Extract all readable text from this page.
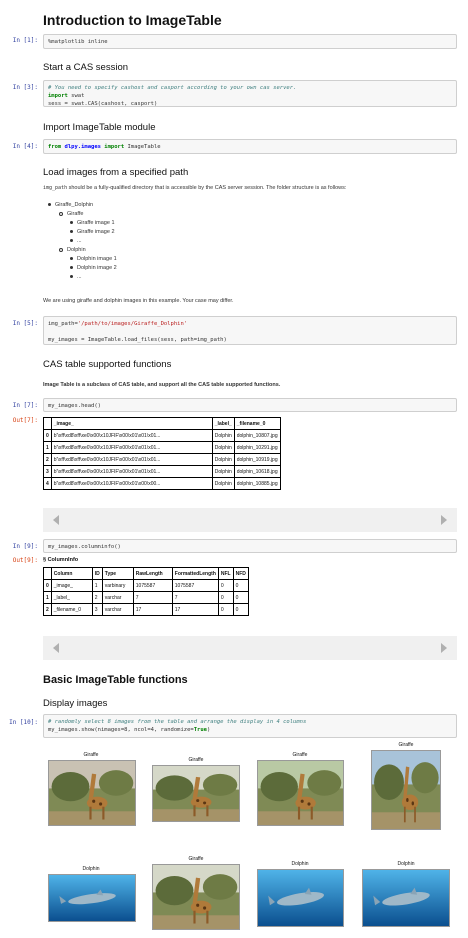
Introduction to ImageTable
In [1]:	%matplotlib inline
Start a CAS session
In [3]:	# You need to specify cashost and casport according to your own cas server.
import swat
sess = swat.CAS(cashost, casport)
Import ImageTable module
In [4]:	from dlpy.images import ImageTable
Load images from a specified path
img_path should be a fully-qualified directory that is accessible by the CAS server session. The folder structure is as follows:
Giraffe_Dolphin
Giraffe
Giraffe image 1
Giraffe image 2
...
Dolphin
Dolphin image 1
Dolphin image 2
...
We are using giraffe and dolphin images in this example. Your case may differ.
In [5]:	img_path='/path/to/images/Giraffe_Dolphin'

my_images = ImageTable.load_files(sess, path=img_path)
CAS table supported functions
Image Table is a subclass of CAS table, and support all the CAS table supported functions.
In [7]:	my_images.head()
Out[7]:
		_image_	_label_	_filename_0
0	b'\xff\xd8\xff\xe0\x00\x10JFIF\x00\x01\x01\x01...	Dolphin	dolphin_10807.jpg
1	b'\xff\xd8\xff\xe0\x00\x10JFIF\x00\x01\x01\x01...	Dolphin	dolphin_10291.jpg
2	b'\xff\xd8\xff\xe0\x00\x10JFIF\x00\x01\x01\x01...	Dolphin	dolphin_10919.jpg
3	b'\xff\xd8\xff\xe0\x00\x10JFIF\x00\x01\x01\x01...	Dolphin	dolphin_10618.jpg
4	b'\xff\xd8\xff\xe0\x00\x10JFIF\x00\x01\x00\x00...	Dolphin	dolphin_10885.jpg
In [9]:	my_images.columninfo()
Out[9]: § ColumnInfo
	Column	ID	Type	RawLength	FormattedLength	NFL	NFD
0	_image_	1	varbinary	1075587	1075587	0	0
1	_label_	2	varchar	7	7	0	0
2	_filename_0	3	varchar	17	17	0	0
Basic ImageTable functions
Display images
In [10]:	# randomly select 8 images from the table and arrange the display in 4 columns
my_images.show(nimages=8, ncol=4, randomize=True)
Giraffe
Giraffe
Giraffe
Giraffe
Dolphin
Giraffe
Dolphin	Dolphin
